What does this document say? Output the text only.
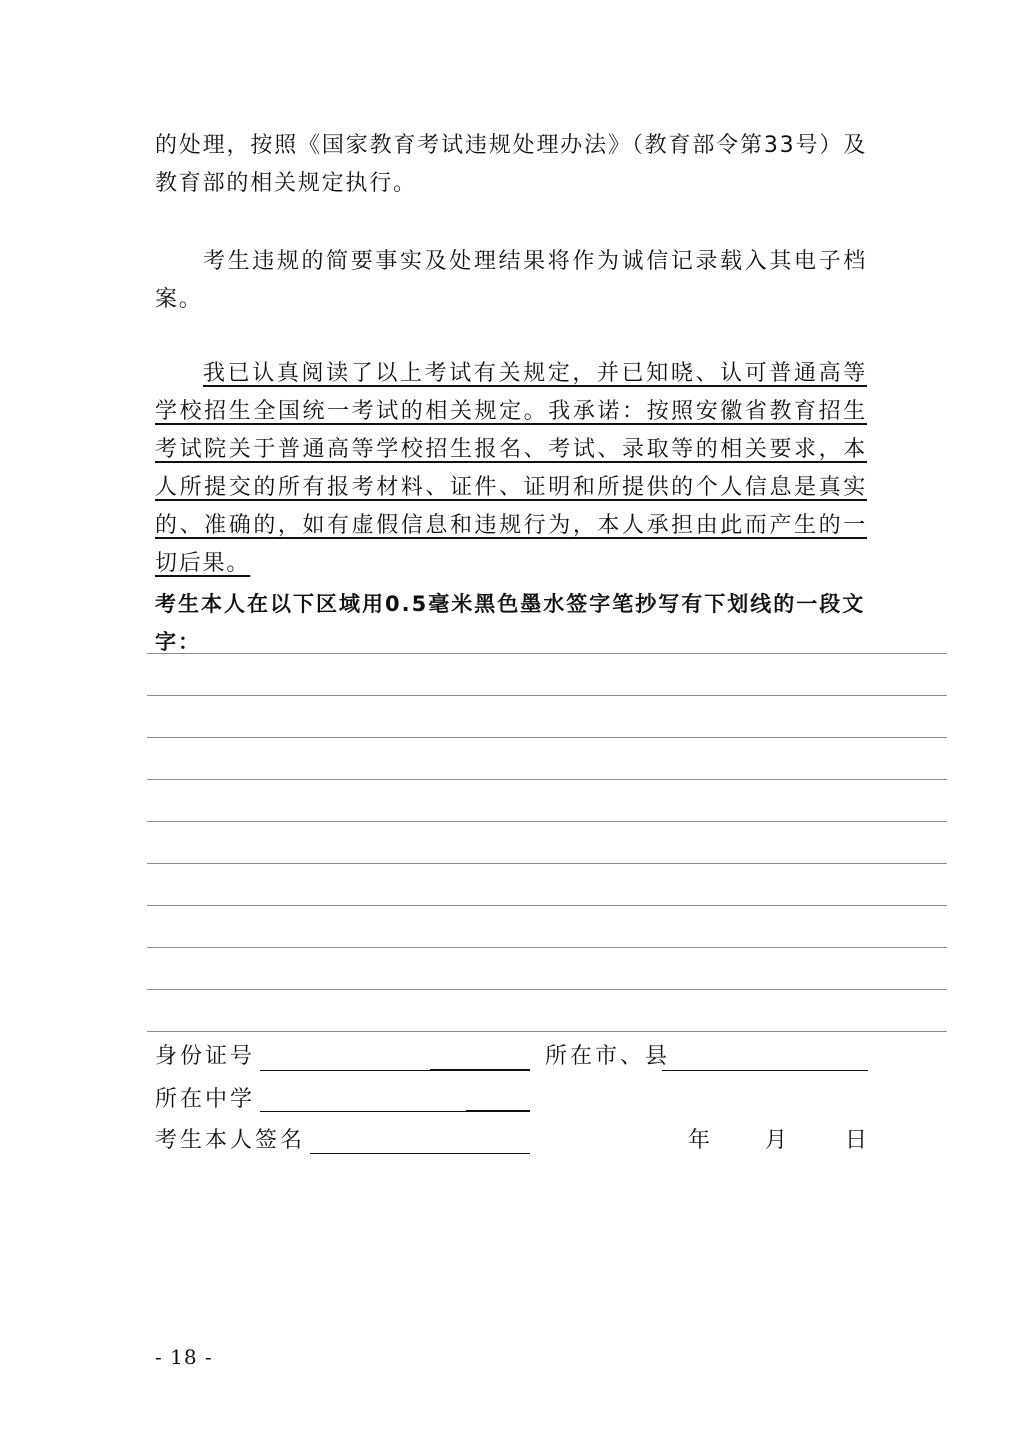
的处理，按照《国家教育考试违规处理办法》（教育部令第33号）及教育部的相关规定执行。

考生违规的简要事实及处理结果将作为诚信记录载入其电子档案。

我已认真阅读了以上考试有关规定，并已知晓、认可普通高等学校招生全国统一考试的相关规定。我承诺：按照安徽省教育招生考试院关于普通高等学校招生报名、考试、录取等的相关要求，本人所提交的所有报考材料、证件、证明和所提供的个人信息是真实的、准确的，如有虚假信息和违规行为，本人承担由此而产生的一切后果。

考生本人在以下区域用0.5毫米黑色墨水签字笔抄写有下划线的一段文字：

身份证号	所在市、县
所在中学
考生本人签名	年 月	日
- 18 -
